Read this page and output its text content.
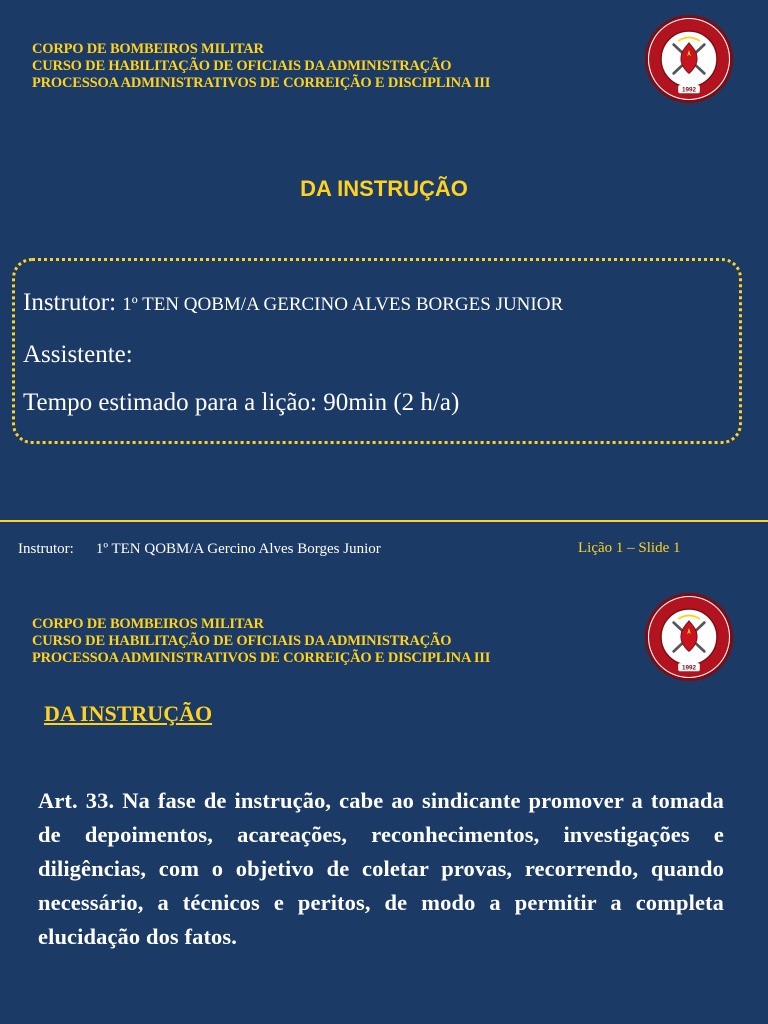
CORPO DE BOMBEIROS MILITAR
CURSO DE HABILITAÇÃO DE OFICIAIS DA ADMINISTRAÇÃO
PROCESSOA ADMINISTRATIVOS DE CORREIÇÃO E DISCIPLINA III	1992
DA INSTRUÇÃO
Instrutor: 1º TEN QOBM/A GERCINO ALVES BORGES JUNIOR
Assistente:
Tempo estimado para a lição: 90min (2 h/a)
Instrutor: 1º TEN QOBM/A Gercino Alves Borges Junior	Lição 1 – Slide 1
CORPO DE BOMBEIROS MILITAR
CURSO DE HABILITAÇÃO DE OFICIAIS DA ADMINISTRAÇÃO
PROCESSOA ADMINISTRATIVOS DE CORREIÇÃO E DISCIPLINA III
1992
DA INSTRUÇÃO
Art. 33. Na fase de instrução, cabe ao sindicante promover a tomada de depoimentos, acareações, reconhecimentos, investigações e diligências, com o objetivo de coletar provas, recorrendo, quando necessário, a técnicos e peritos, de modo a permitir a completa elucidação dos fatos.
